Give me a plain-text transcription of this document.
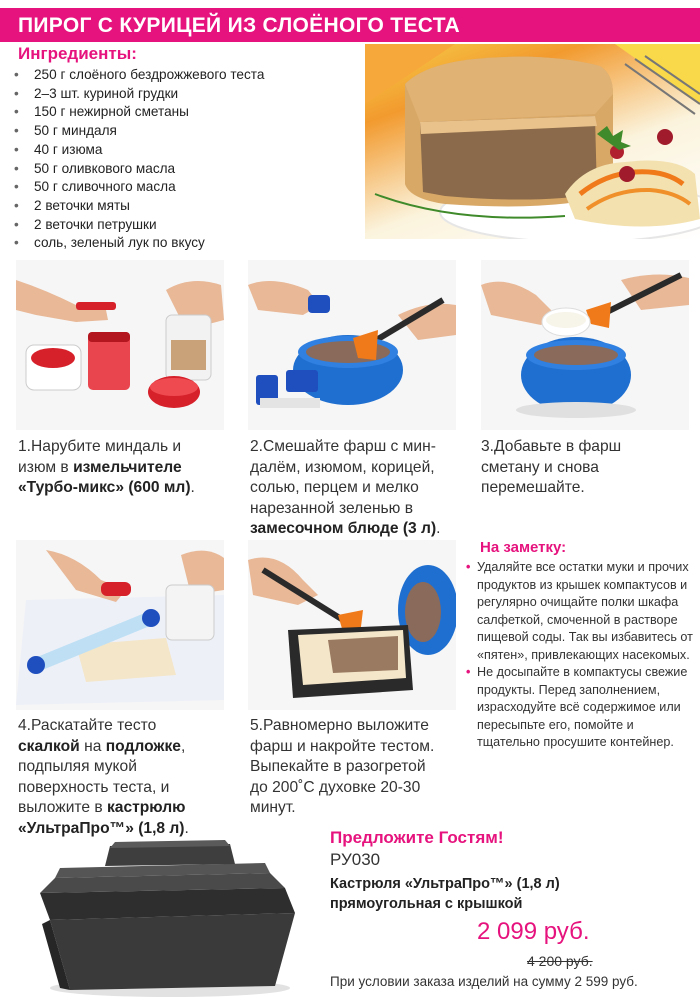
ПИРОГ С КУРИЦЕЙ ИЗ СЛОЁНОГО ТЕСТА
Ингредиенты:
• 250 г слоёного бездрожжевого теста
• 2–3 шт. куриной грудки
• 150 г нежирной сметаны
• 50 г миндаля
• 40 г изюма
• 50 г оливкового масла
• 50 г сливочного масла
• 2 веточки мяты
• 2 веточки петрушки
• соль, зеленый лук по вкусу
1.Нарубите миндаль и
изюм в измельчителе
«Турбо-микс» (600 мл).
2.Смешайте фарш с мин-
далём, изюмом, корицей,
солью, перцем и мелко
нарезанной зеленью в
замесочном блюде (3 л).
3.Добавьте в фарш
сметану и снова
перемешайте.
4.Раскатайте тесто
скалкой на подложке,
подпыляя мукой
поверхность теста, и
выложите в кастрюлю
«УльтраПро™» (1,8 л).
5.Равномерно выложите
фарш и накройте тестом.
Выпекайте в разогретой
до 200˚С духовке 20-30
минут.
На заметку:
• Удаляйте все остатки муки и прочих продуктов из крышек компактусов и регулярно очищайте полки шкафа салфеткой, смоченной в растворе пищевой соды. Так вы избавитесь от «пятен», привлекающих насекомых.
• Не досыпайте в компактусы свежие продукты. Перед заполнением, израсходуйте всё содержимое или пересыпьте его, помойте и тщательно просушите контейнер.
Предложите Гостям!
РУ030
Кастрюля «УльтраПро™» (1,8 л)
прямоугольная с крышкой
2 099 руб.
4 200 руб.
При условии заказа изделий на сумму 2 599 руб.
